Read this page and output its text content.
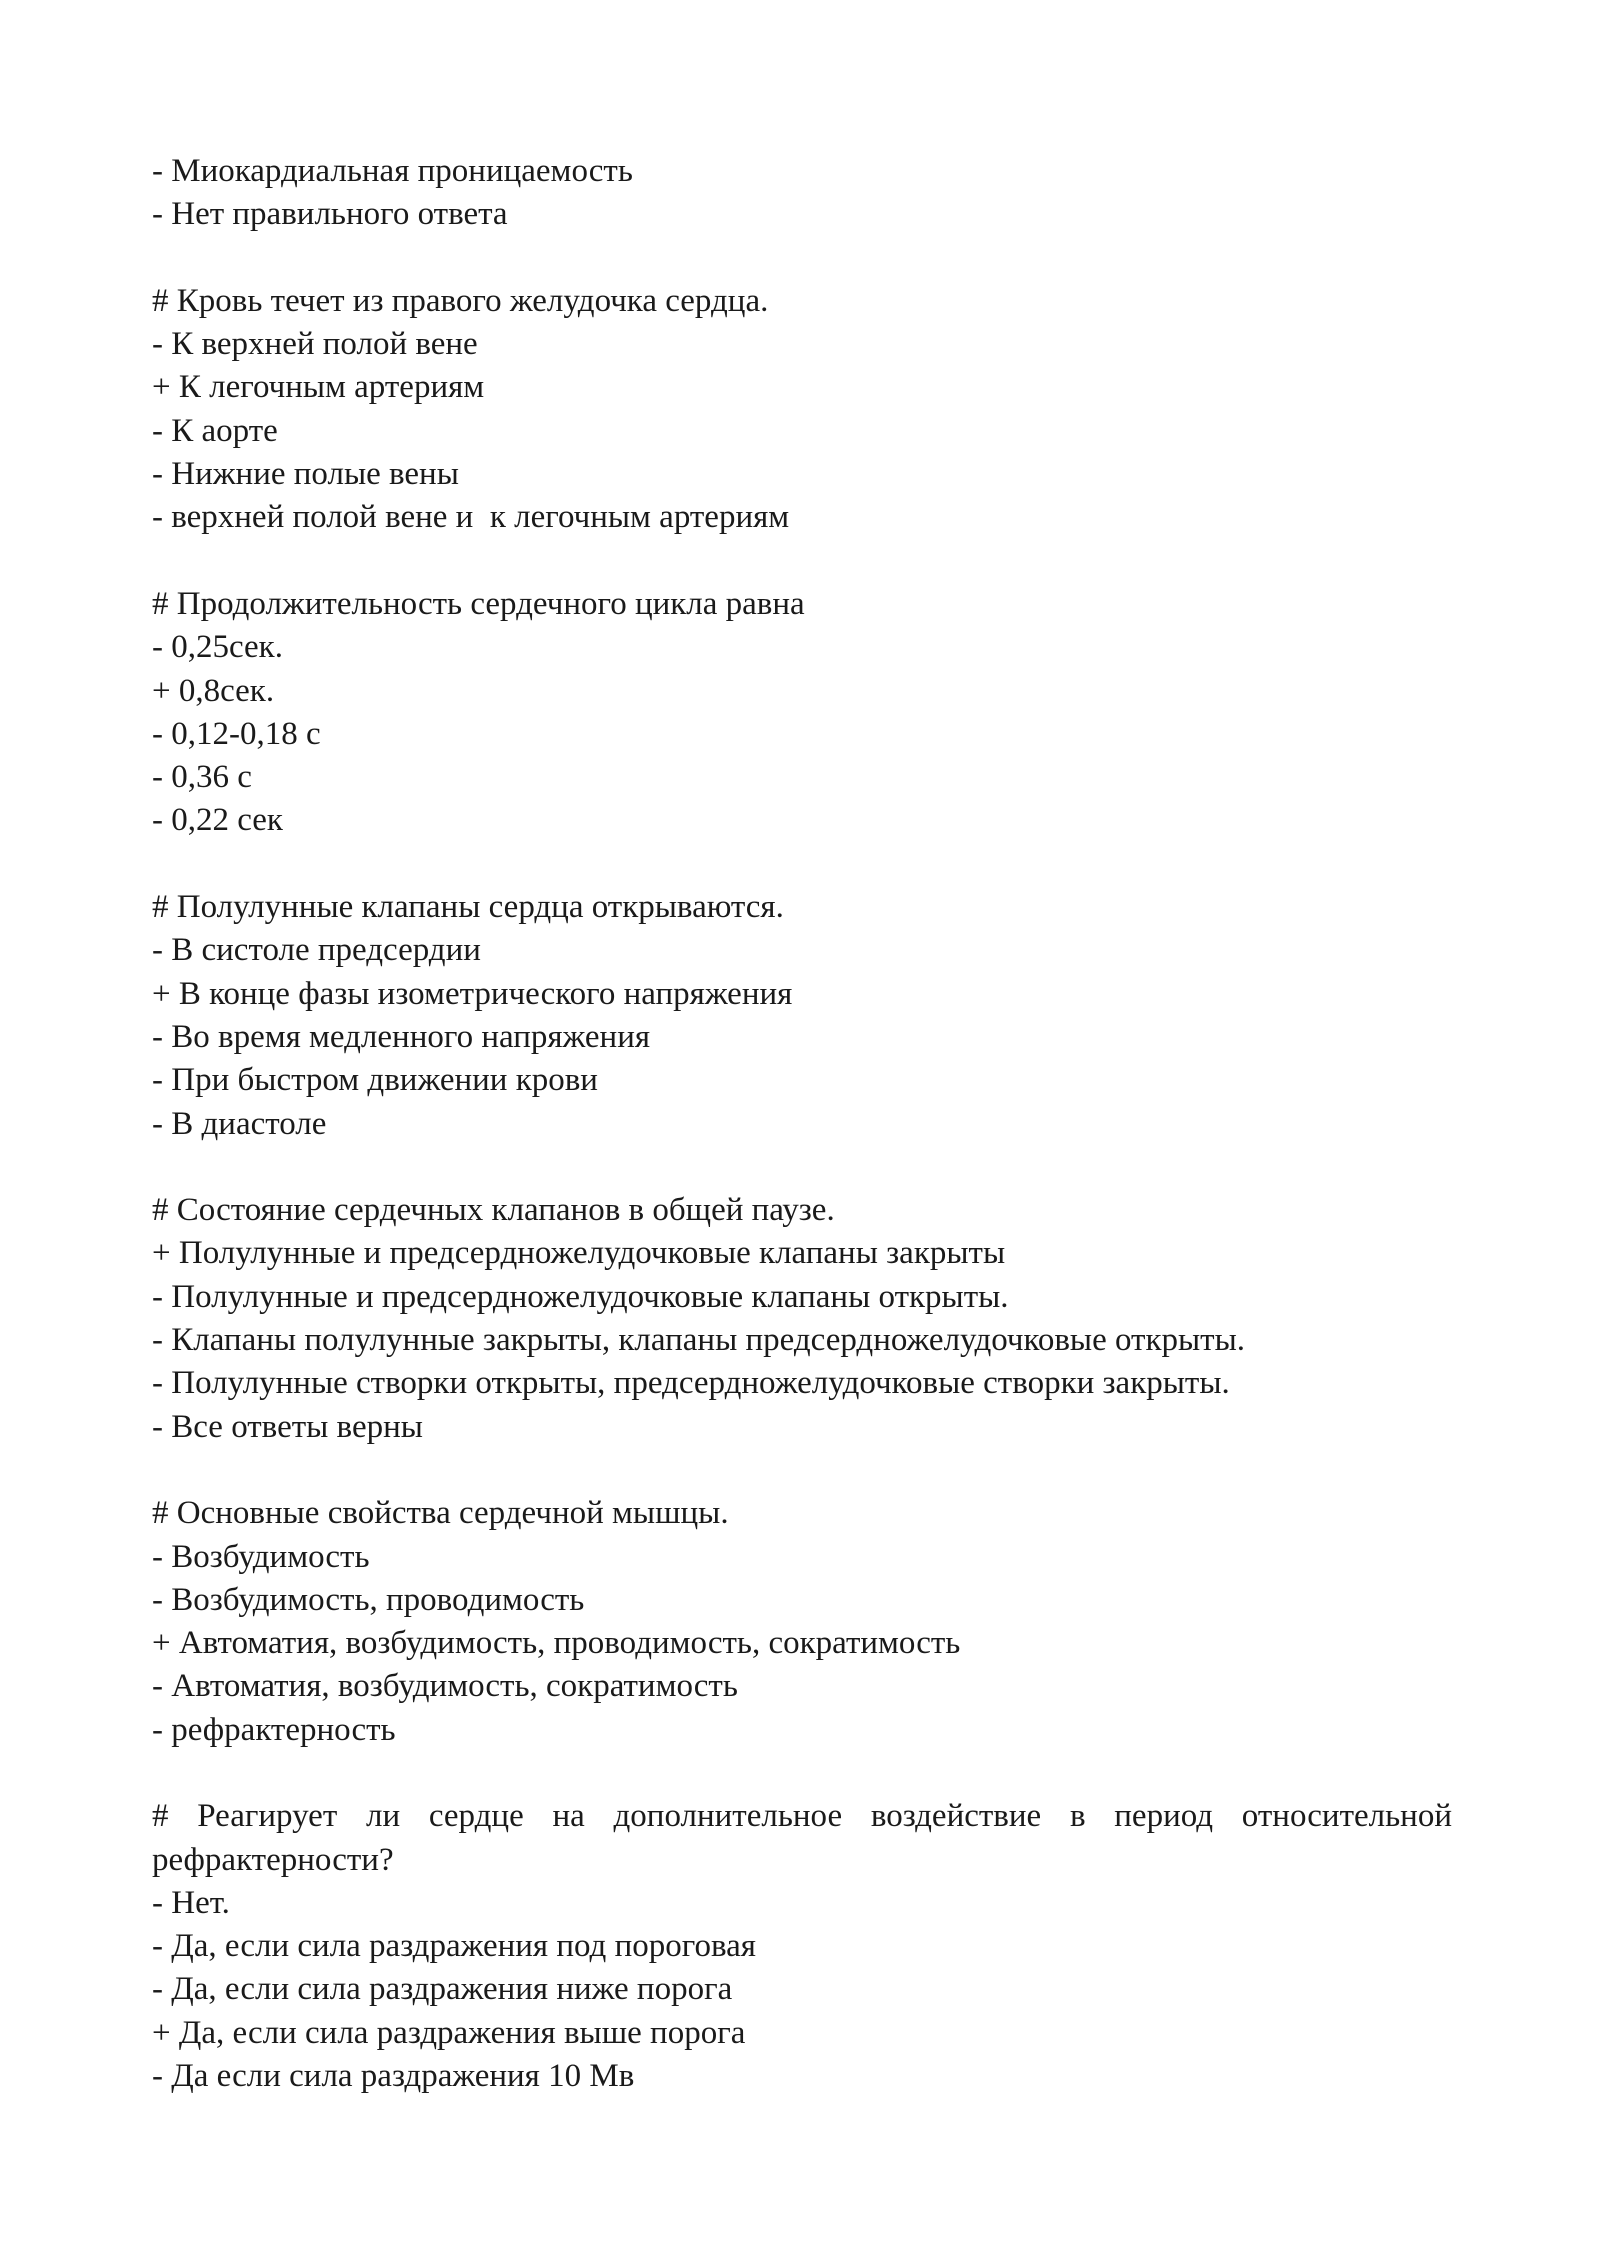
- Миокардиальная проницаемость
- Нет правильного ответа
# Кровь течет из правого желудочка сердца.
- К верхней полой вене
+ К легочным артериям
- К аорте
- Нижние полые вены
- верхней полой вене и  к легочным артериям
# Продолжительность сердечного цикла равна
- 0,25сек.
+ 0,8сек.
- 0,12-0,18 с
- 0,36 с
- 0,22 сек
# Полулунные клапаны сердца открываются.
- В систоле предсердии
+ В конце фазы изометрического напряжения
- Во время медленного напряжения
- При быстром движении крови
- В диастоле
# Состояние сердечных клапанов в общей паузе.
+ Полулунные и предсердножелудочковые клапаны закрыты
- Полулунные и предсердножелудочковые клапаны открыты.
- Клапаны полулунные закрыты, клапаны предсердножелудочковые открыты.
- Полулунные створки открыты, предсердножелудочковые створки закрыты.
- Все ответы верны
# Основные свойства сердечной мышцы.
- Возбудимость
- Возбудимость, проводимость
+ Автоматия, возбудимость, проводимость, сократимость
- Автоматия, возбудимость, сократимость
- рефрактерность
# Реагирует ли сердце на дополнительное воздействие в период относительной рефрактерности?
- Нет.
- Да, если сила раздражения под пороговая
- Да, если сила раздражения ниже порога
+ Да, если сила раздражения выше порога
- Да если сила раздражения 10 Мв
